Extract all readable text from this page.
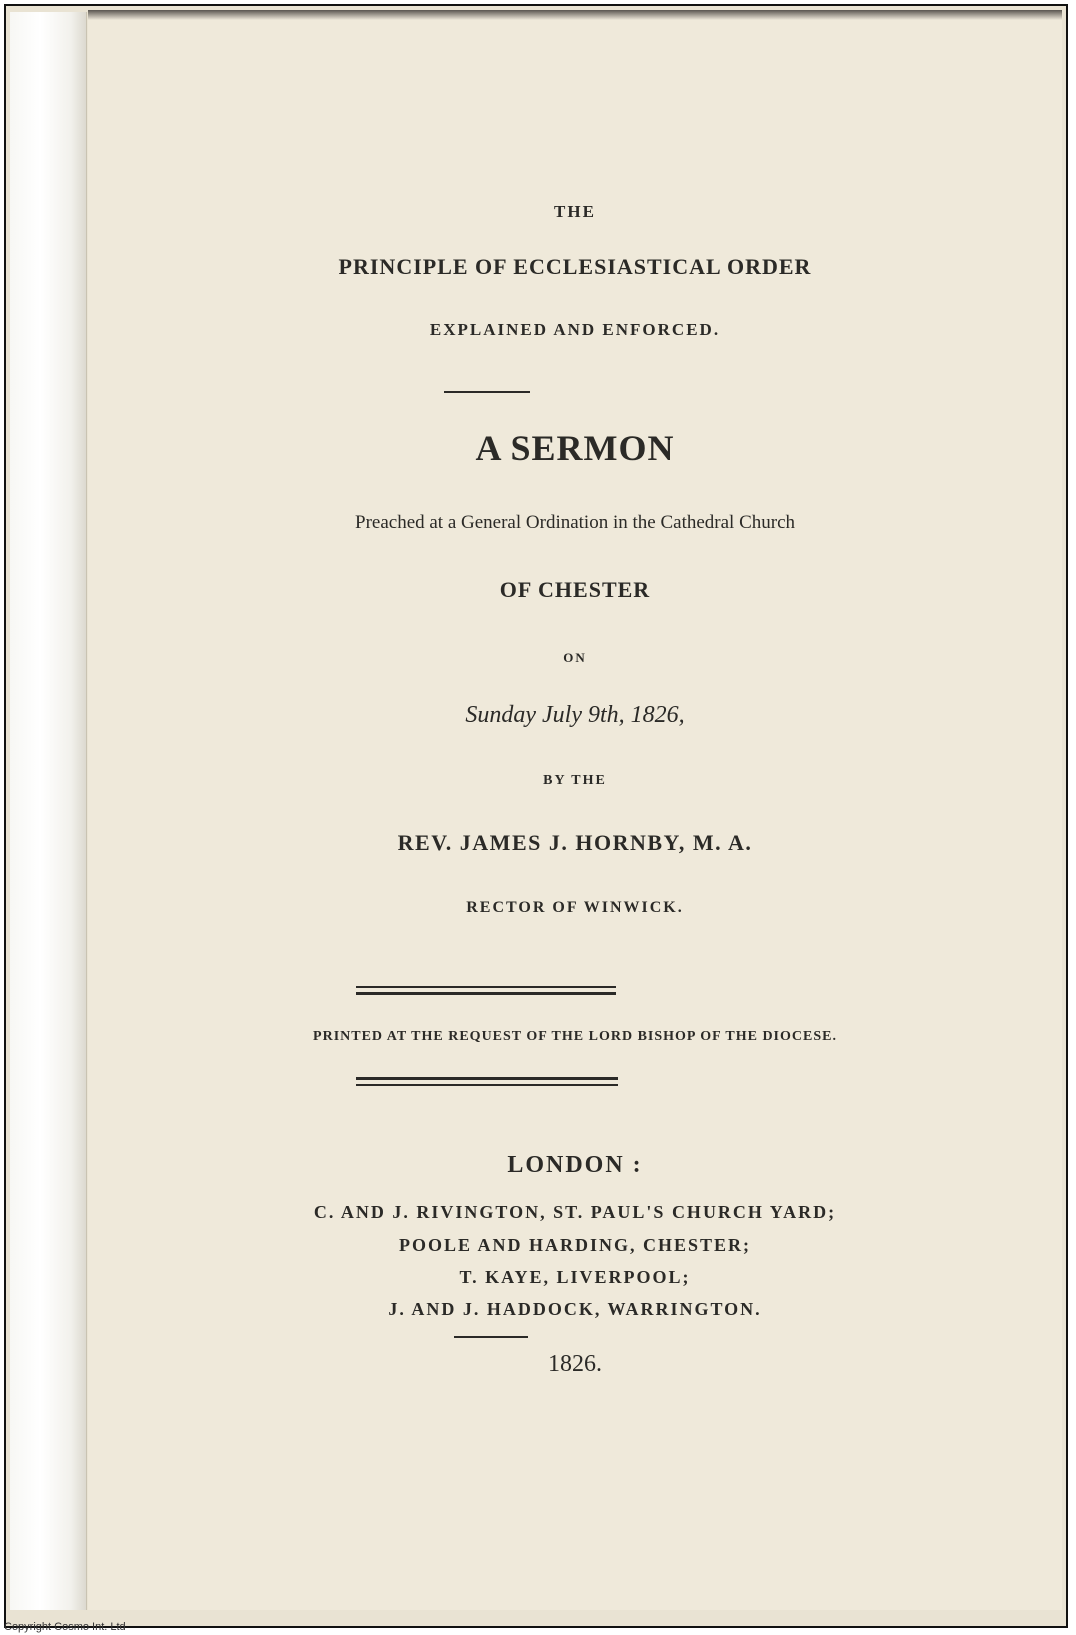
THE
PRINCIPLE OF ECCLESIASTICAL ORDER
EXPLAINED AND ENFORCED.
A SERMON
Preached at a General Ordination in the Cathedral Church
OF CHESTER
ON
Sunday July 9th, 1826,
BY THE
REV. JAMES J. HORNBY, M. A.
RECTOR OF WINWICK.
PRINTED AT THE REQUEST OF THE LORD BISHOP OF THE DIOCESE.
LONDON :
C. AND J. RIVINGTON, ST. PAUL'S CHURCH YARD;
POOLE AND HARDING, CHESTER;
T. KAYE, LIVERPOOL;
J. AND J. HADDOCK, WARRINGTON.
1826.
Copyright Cosmo Int. Ltd
